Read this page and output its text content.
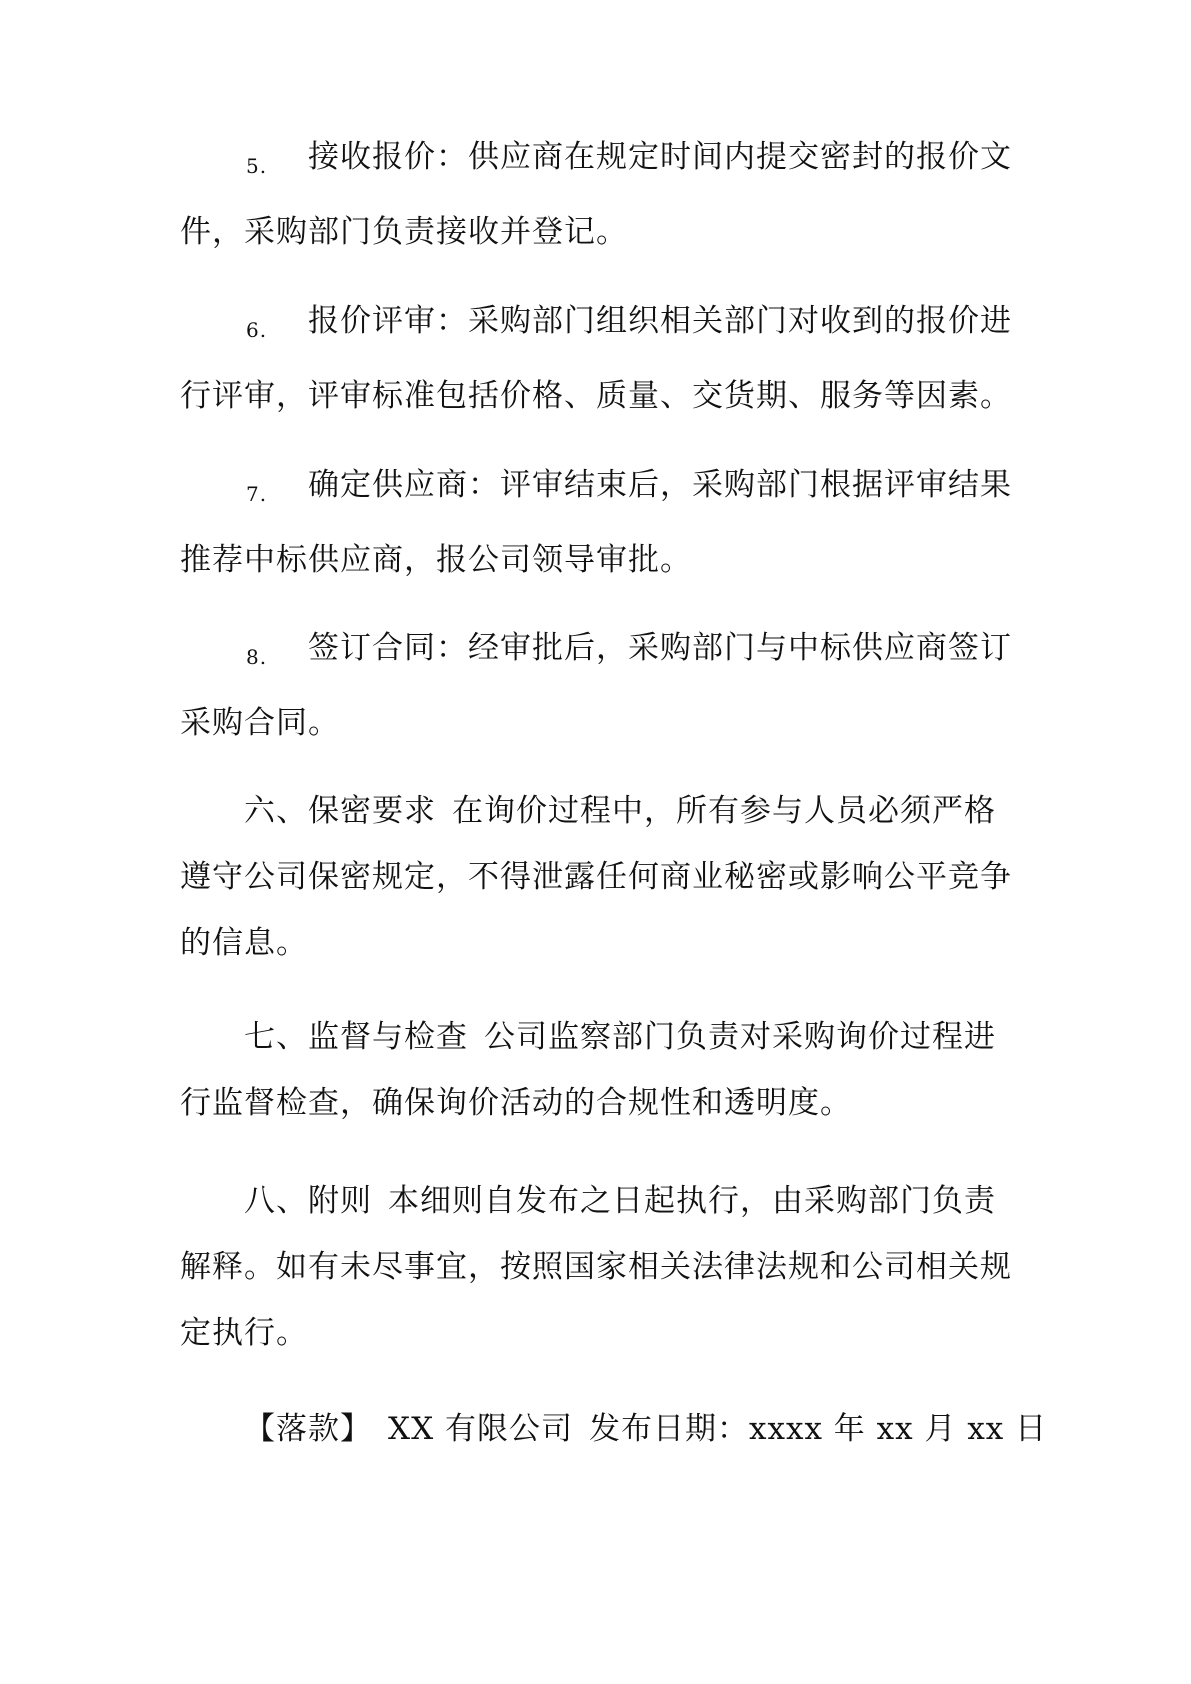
5. 接收报价：供应商在规定时间内提交密封的报价文
件，采购部门负责接收并登记。

6. 报价评审：采购部门组织相关部门对收到的报价进
行评审，评审标准包括价格、质量、交货期、服务等因素。

7. 确定供应商：评审结束后，采购部门根据评审结果
推荐中标供应商，报公司领导审批。

8. 签订合同：经审批后，采购部门与中标供应商签订
采购合同。

六、保密要求 在询价过程中，所有参与人员必须严格
遵守公司保密规定，不得泄露任何商业秘密或影响公平竞争
的信息。

七、监督与检查 公司监察部门负责对采购询价过程进
行监督检查，确保询价活动的合规性和透明度。

八、附则 本细则自发布之日起执行，由采购部门负责
解释。如有未尽事宜，按照国家相关法律法规和公司相关规
定执行。

【落款】 XX 有限公司 发布日期：xxxx 年 xx 月 xx 日
